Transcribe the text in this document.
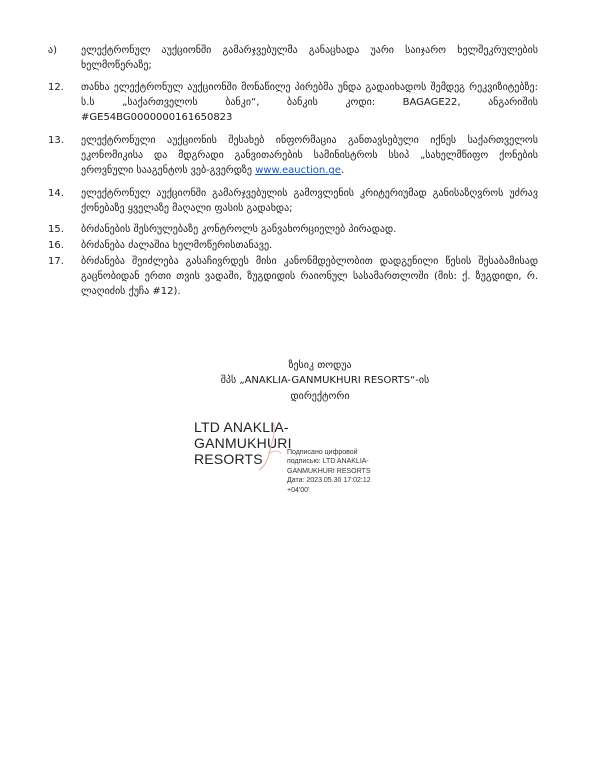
ა) ელექტრონულ აუქციონში გამარჯვებულმა განაცხადა უარი საიჯარო ხელშეკრულების ხელმოწერაზე;
12. თანხა ელექტრონულ აუქციონში მონაწილე პირებმა უნდა გადაიხადოს შემდეგ რეკვიზიტებზე: ს.ს „საქართველოს ბანკი“, ბანკის კოდი: BAGAGE22, ანგარიშის #GE54BG0000000161650823
13. ელექტრონული აუქციონის შესახებ ინფორმაცია განთავსებული იქნეს საქართველოს ეკონომიკისა და მდგრადი განვითარების სამინისტროს სსიპ „სახელმწიფო ქონების ეროვნული სააგენტოს ვებ-გვერდზე www.eauction.ge.
14. ელექტრონულ აუქციონში გამარჯვებულის გამოვლენის კრიტერიუმად განისაზღვროს უძრავ ქონებაზე ყველაზე მაღალი ფასის გადახდა;
15. ბრძანების შესრულებაზე კონტროლს განვახორციელებ პირადად.
16. ბრძანება ძალაშია ხელმოწერისთანავე.
17. ბრძანება შეიძლება გასაჩივრდეს მისი კანონმდებლობით დადგენილი წესის შესაბამისად გაცნობიდან ერთი თვის ვადაში, ზუგდიდის რაიონულ სასამართლოში (მის: ქ. ზუგდიდი, რ. ლაღიძის ქუჩა #12).
ზესიკ თოდუა
შპს „ANAKLIA-GANMUKHURI RESORTS“-ის
დირექტორი
LTD ANAKLIA-
GANMUKHURI
RESORTS	Подписано цифровой
подписью: LTD ANAKLIA-
GANMUKHURI RESORTS
Дата: 2023.05.30 17:02:12
+04'00'
